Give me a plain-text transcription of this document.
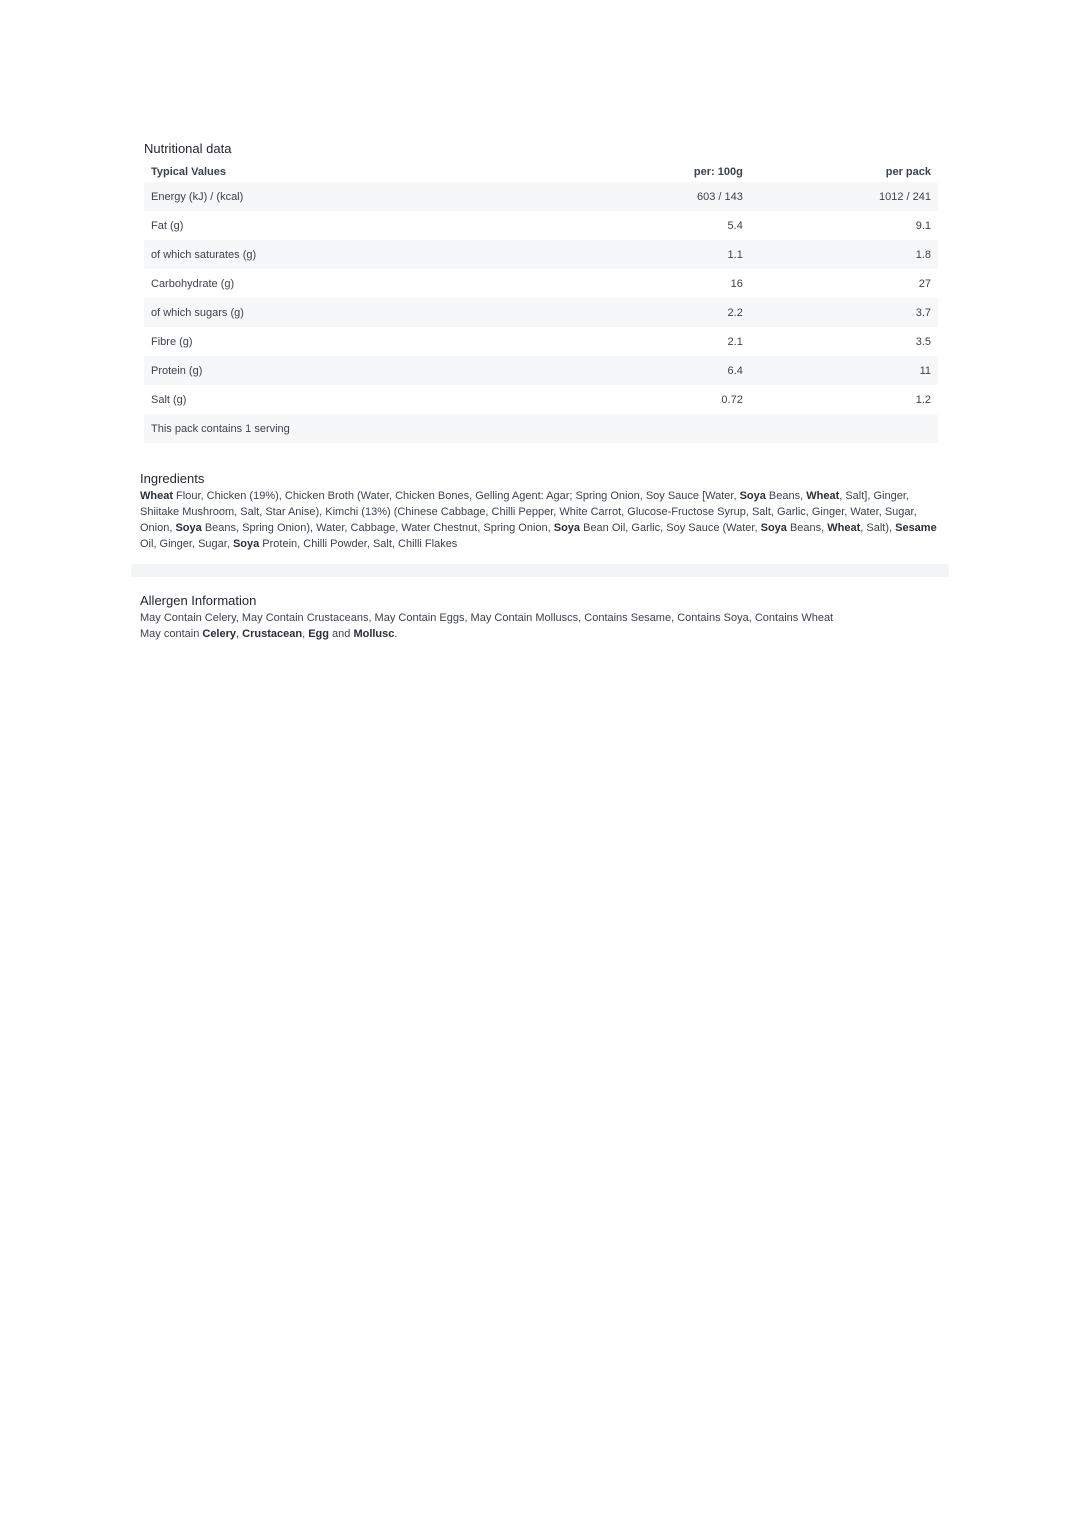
Nutritional data
Typical Values	per: 100g	per pack
Energy (kJ) / (kcal)	603 / 143	1012 / 241
Fat (g)	5.4	9.1
of which saturates (g)	1.1	1.8
Carbohydrate (g)	16	27
of which sugars (g)	2.2	3.7
Fibre (g)	2.1	3.5
Protein (g)	6.4	11
Salt (g)	0.72	1.2
This pack contains 1 serving		
Ingredients

Wheat Flour, Chicken (19%), Chicken Broth (Water, Chicken Bones, Gelling Agent: Agar; Spring Onion, Soy Sauce [Water, Soya Beans, Wheat, Salt], Ginger, Shiitake Mushroom, Salt, Star Anise), Kimchi (13%) (Chinese Cabbage, Chilli Pepper, White Carrot, Glucose-Fructose Syrup, Salt, Garlic, Ginger, Water, Sugar, Onion, Soya Beans, Spring Onion), Water, Cabbage, Water Chestnut, Spring Onion, Soya Bean Oil, Garlic, Soy Sauce (Water, Soya Beans, Wheat, Salt), Sesame Oil, Ginger, Sugar, Soya Protein, Chilli Powder, Salt, Chilli Flakes

Allergen Information

May Contain Celery, May Contain Crustaceans, May Contain Eggs, May Contain Molluscs, Contains Sesame, Contains Soya, Contains Wheat

May contain Celery, Crustacean, Egg and Mollusc.
